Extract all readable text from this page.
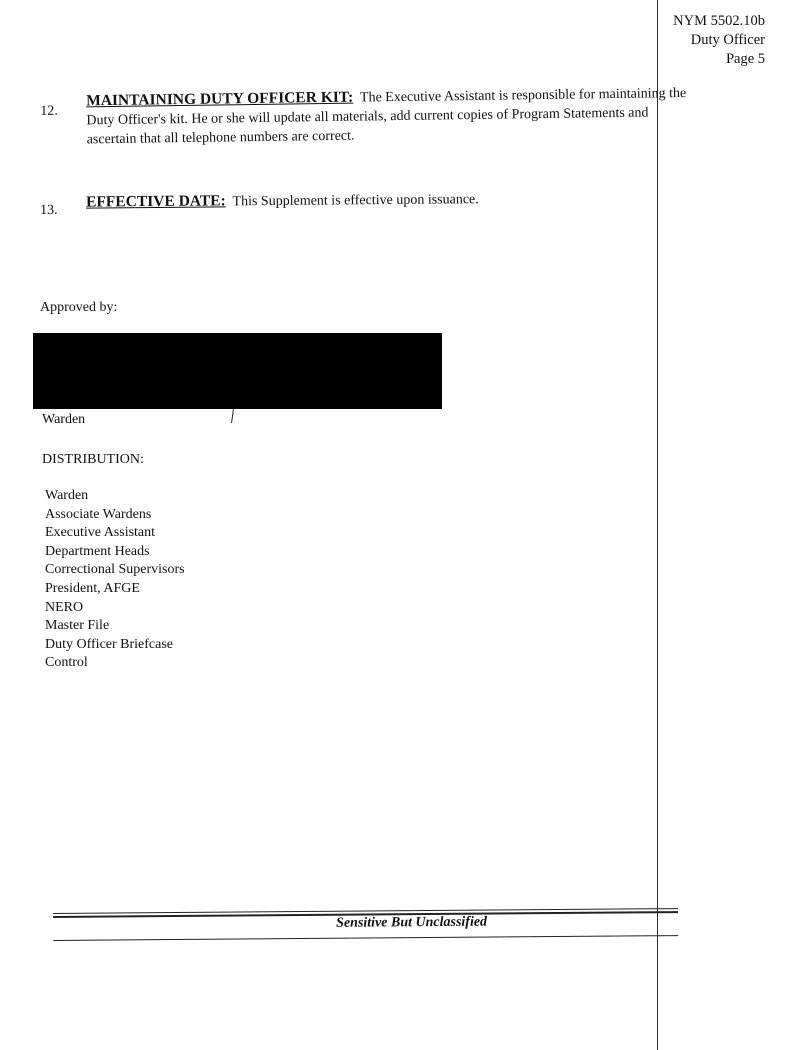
NYM 5502.10b
Duty Officer
Page 5
12.
MAINTAINING DUTY OFFICER KIT: The Executive Assistant is responsible for maintaining the
Duty Officer's kit. He or she will update all materials, add current copies of Program Statements and
ascertain that all telephone numbers are correct.
13. EFFECTIVE DATE: This Supplement is effective upon issuance.
Approved by:
Warden
DISTRIBUTION:
Warden
Associate Wardens
Executive Assistant
Department Heads
Correctional Supervisors
President, AFGE
NERO
Master File
Duty Officer Briefcase
Control
Sensitive But Unclassified
